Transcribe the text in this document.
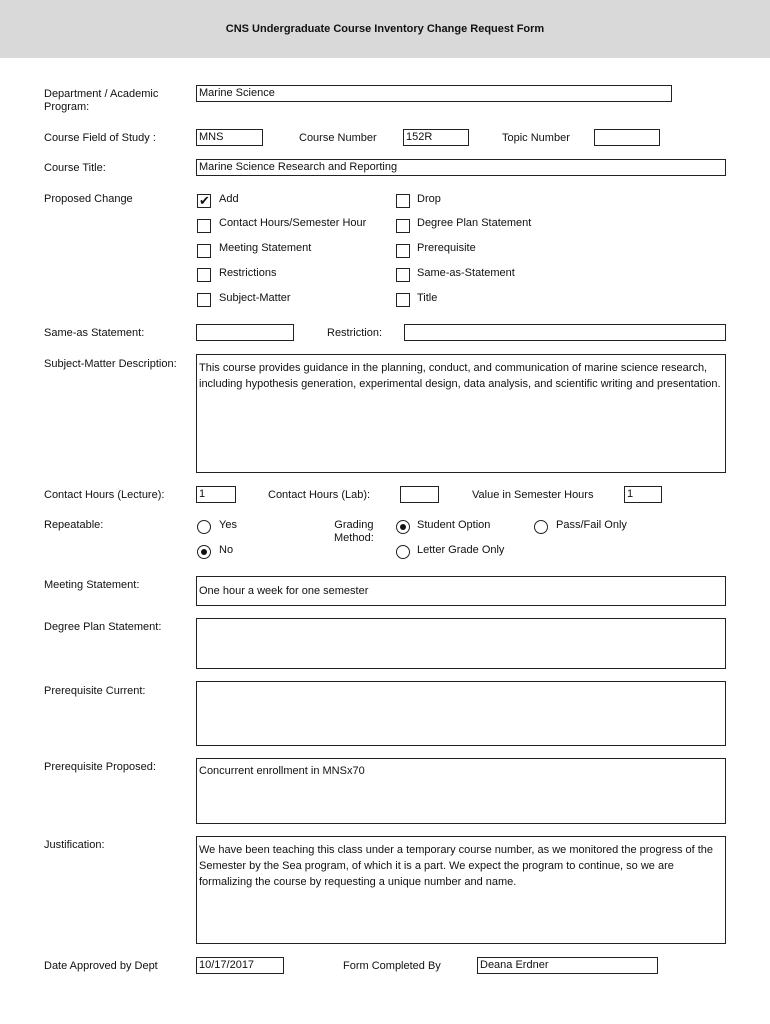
CNS Undergraduate Course Inventory Change Request Form
Department / Academic
Program:
Marine Science
Course Field of Study :	MNS	Course Number	152R	Topic Number
Course Title:	Marine Science Research and Reporting
Proposed Change	✔ Add	Drop
Contact Hours/Semester Hour	Degree Plan Statement
Meeting Statement	Prerequisite
Restrictions	Same-as-Statement
Subject-Matter	Title
Same-as Statement:	Restriction:
Subject-Matter Description: This course provides guidance in the planning, conduct, and communication of marine science research, including hypothesis generation, experimental design, data analysis, and scientific writing and presentation.
Contact Hours (Lecture):	1	Contact Hours (Lab):	Value in Semester Hours	1
Repeatable:	Yes
No
Grading
Method:
Student Option	Pass/Fail Only
Letter Grade Only
Meeting Statement:	One hour a week for one semester
Degree Plan Statement:
Prerequisite Current:
Prerequisite Proposed:	Concurrent enrollment in MNSx70
Justification:	We have been teaching this class under a temporary course number, as we monitored the progress of the Semester by the Sea program, of which it is a part. We expect the program to continue, so we are formalizing the course by requesting a unique number and name.
Date Approved by Dept	10/17/2017	Form Completed By	Deana Erdner
